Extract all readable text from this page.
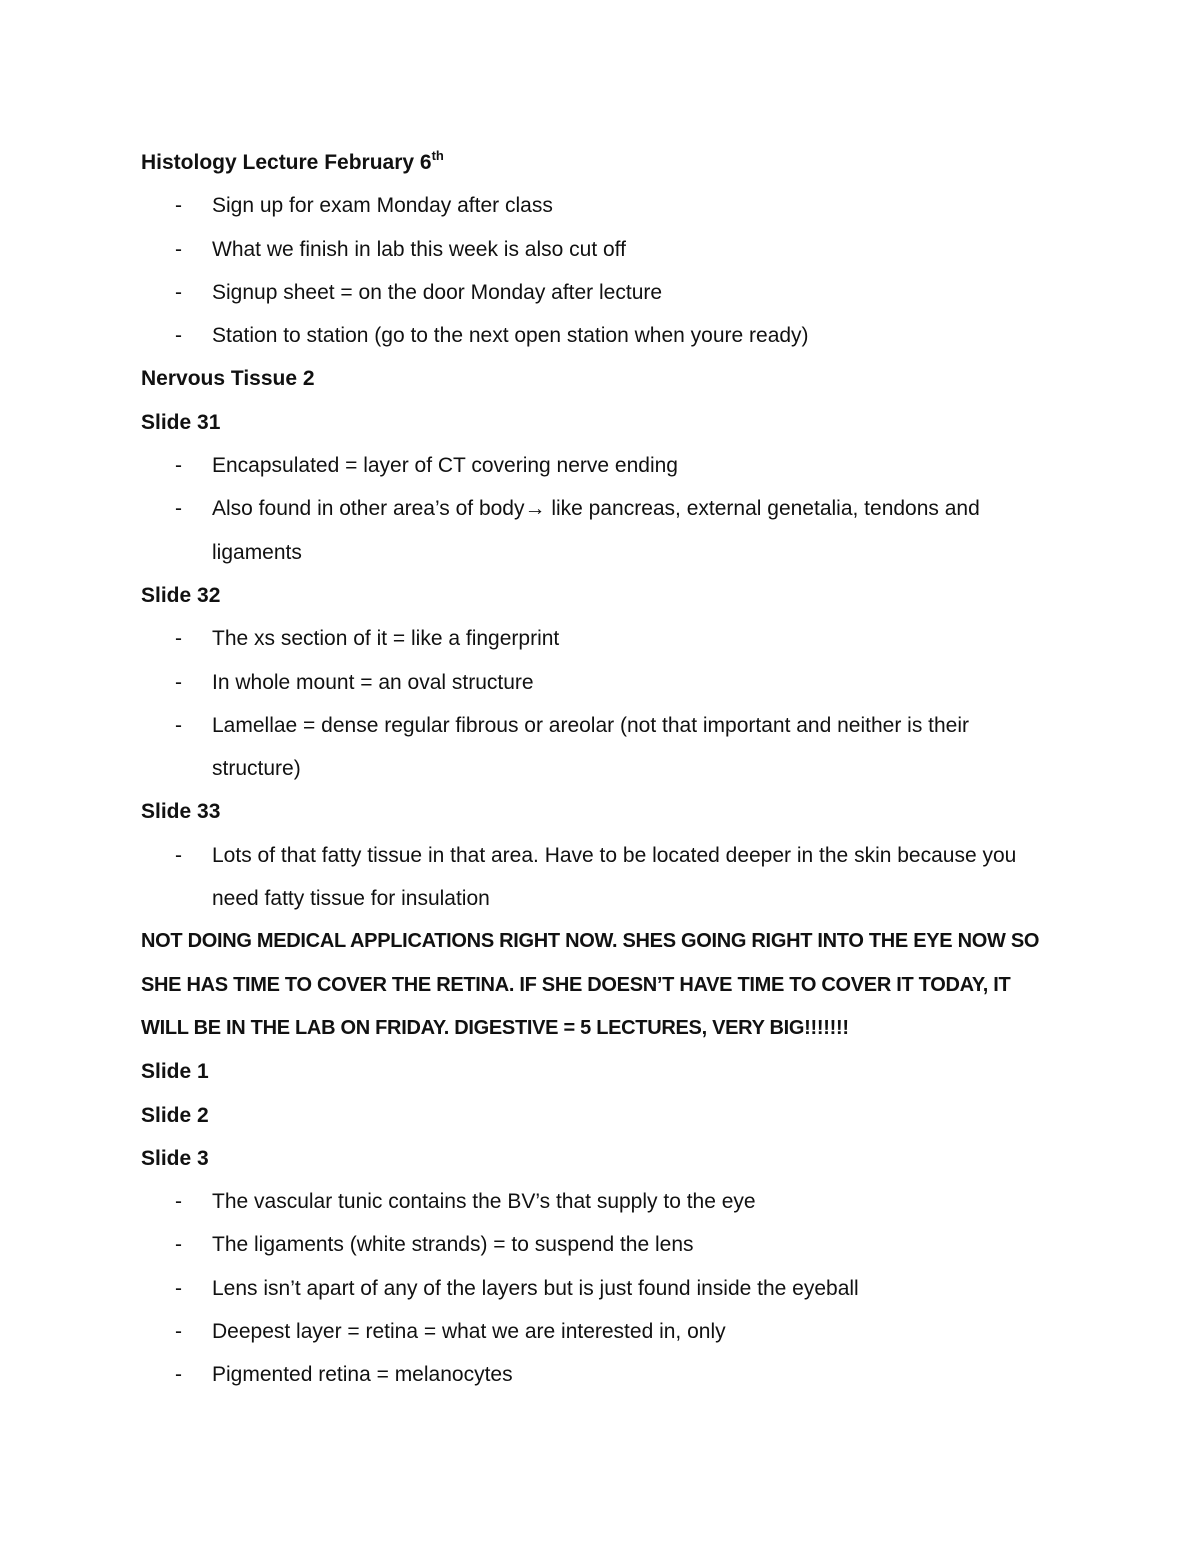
Histology Lecture February 6th
- Sign up for exam Monday after class
- What we finish in lab this week is also cut off
- Signup sheet = on the door Monday after lecture
- Station to station (go to the next open station when youre ready)
Nervous Tissue 2
Slide 31
- Encapsulated = layer of CT covering nerve ending
- Also found in other area’s of body→ like pancreas, external genetalia, tendons and ligaments
Slide 32
- The xs section of it = like a fingerprint
- In whole mount = an oval structure
- Lamellae = dense regular fibrous or areolar (not that important and neither is their structure)
Slide 33
- Lots of that fatty tissue in that area. Have to be located deeper in the skin because you need fatty tissue for insulation

NOT DOING MEDICAL APPLICATIONS RIGHT NOW. SHES GOING RIGHT INTO THE EYE NOW SO

SHE HAS TIME TO COVER THE RETINA. IF SHE DOESN’T HAVE TIME TO COVER IT TODAY, IT

WILL BE IN THE LAB ON FRIDAY. DIGESTIVE = 5 LECTURES, VERY BIG!!!!!!!

Slide 1
Slide 2
Slide 3
- The vascular tunic contains the BV’s that supply to the eye
- The ligaments (white strands) = to suspend the lens
- Lens isn’t apart of any of the layers but is just found inside the eyeball
- Deepest layer = retina = what we are interested in, only
- Pigmented retina = melanocytes
